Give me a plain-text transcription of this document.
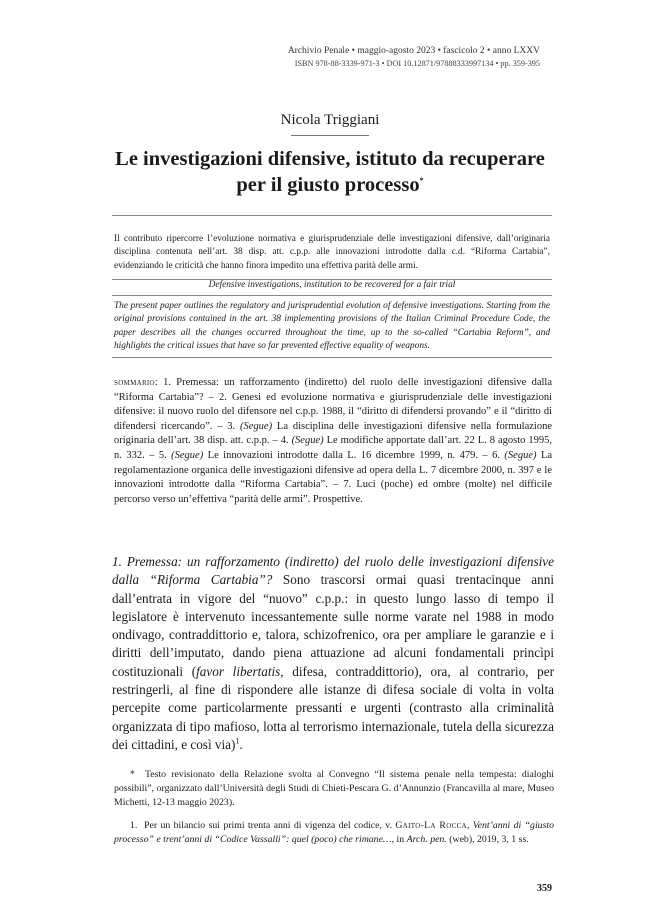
Archivio Penale • maggio-agosto 2023 • fascicolo 2 • anno LXXV
ISBN 978-88-3339-971-3 • DOI 10.12871/97888333997134 • pp. 359-395
Nicola Triggiani
Le investigazioni difensive, istituto da recuperare
per il giusto processo*

Il contributo ripercorre l’evoluzione normativa e giurisprudenziale delle investigazioni difensive, dall’originaria disciplina contenuta nell’art. 38 disp. att. c.p.p. alle innovazioni introdotte dalla c.d. “Riforma Cartabia”, evidenziando le criticità che hanno finora impedito una effettiva parità delle armi.

Defensive investigations, institution to be recovered for a fair trial

The present paper outlines the regulatory and jurisprudential evolution of defensive investigations. Starting from the original provisions contained in the art. 38 implementing provisions of the Italian Criminal Procedure Code, the paper describes all the changes occurred throughout the time, up to the so-called “Cartabia Reform”, and highlights the critical issues that have so far prevented effective equality of weapons.

sommario: 1. Premessa: un rafforzamento (indiretto) del ruolo delle investigazioni difensive dalla “Riforma Cartabia”? – 2. Genesi ed evoluzione normativa e giurisprudenziale delle investigazioni difensive: il nuovo ruolo del difensore nel c.p.p. 1988, il “diritto di difendersi provando” e il “diritto di difendersi ricercando”. – 3. (Segue) La disciplina delle investigazioni difensive nella formulazione originaria dell’art. 38 disp. att. c.p.p. – 4. (Segue) Le modifiche apportate dall’art. 22 L. 8 agosto 1995, n. 332. – 5. (Segue) Le innovazioni introdotte dalla L. 16 dicembre 1999, n. 479. – 6. (Segue) La regolamentazione organica delle investigazioni difensive ad opera della L. 7 dicembre 2000, n. 397 e le innovazioni introdotte dalla “Riforma Cartabia”. – 7. Luci (poche) ed ombre (molte) nel difficile percorso verso un’effettiva “parità delle armi”. Prospettive.

1. Premessa: un rafforzamento (indiretto) del ruolo delle investigazioni difensive dalla “Riforma Cartabia”? Sono trascorsi ormai quasi trentacinque anni dall’entrata in vigore del “nuovo” c.p.p.: in questo lungo lasso di tempo il legislatore è intervenuto incessantemente sulle norme varate nel 1988 in modo ondivago, contraddittorio e, talora, schizofrenico, ora per ampliare le garanzie e i diritti dell’imputato, dando piena attuazione ad alcuni fondamentali princìpi costituzionali (favor libertatis, difesa, contraddittorio), ora, al contrario, per restringerli, al fine di rispondere alle istanze di difesa sociale di volta in volta percepite come particolarmente pressanti e urgenti (contrasto alla criminalità organizzata di tipo mafioso, lotta al terrorismo internazionale, tutela della sicurezza dei cittadini, e così via)$^1$.

* Testo revisionato della Relazione svolta al Convegno “Il sistema penale nella tempesta: dialoghi possibili”, organizzato dall’Università degli Studi di Chieti-Pescara G. d’Annunzio (Francavilla al mare, Museo Michetti, 12-13 maggio 2023).

1. Per un bilancio sui primi trenta anni di vigenza del codice, v. Gaito-La Rocca, Vent’anni di “giusto processo” e trent’anni di “Codice Vassalli”: quel (poco) che rimane…, in Arch. pen. (web), 2019, 3, 1 ss.

359
